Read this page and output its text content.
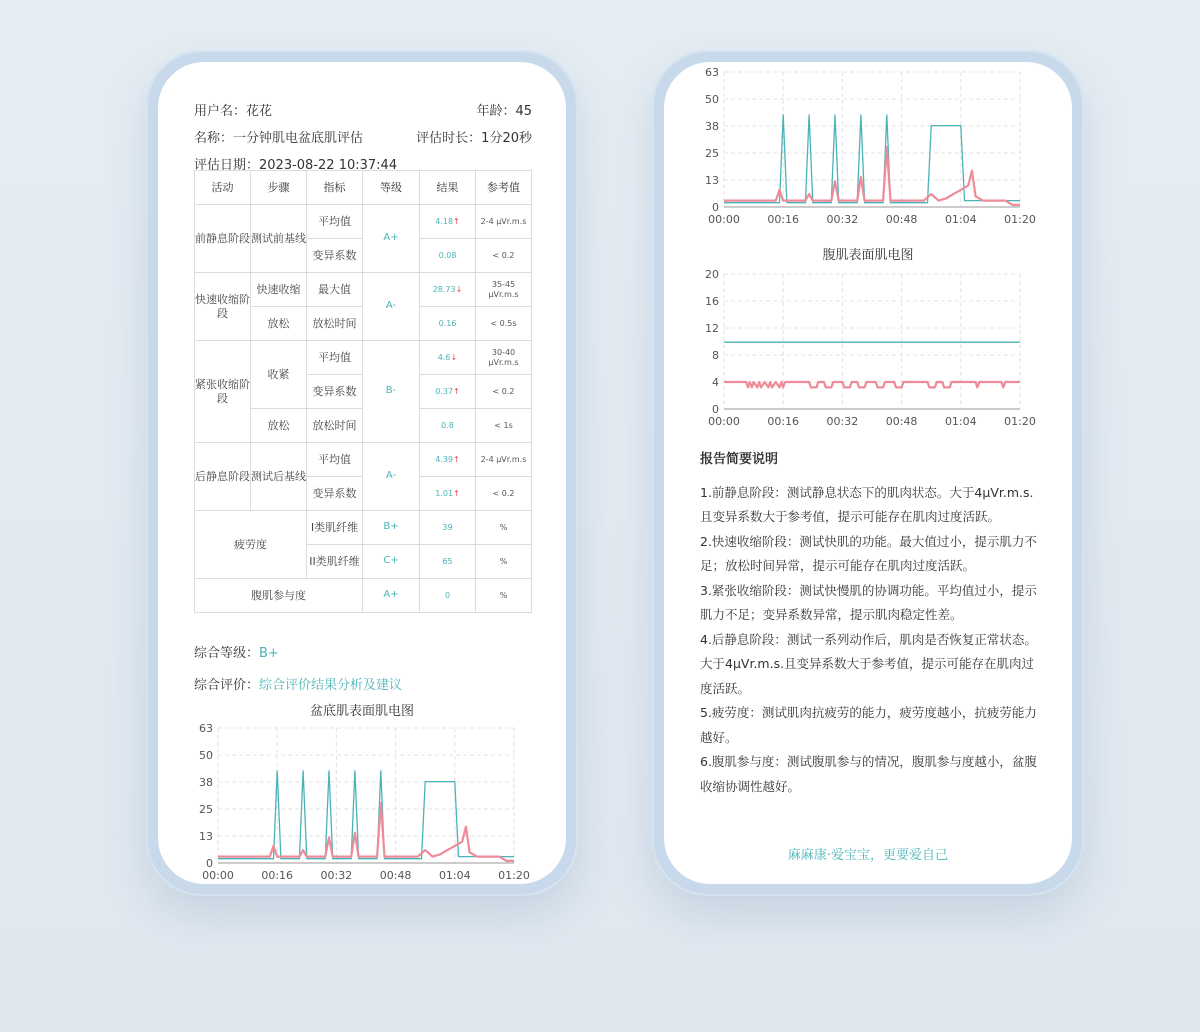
用户名：花花	年龄：45
名称：一分钟肌电盆底肌评估	评估时长：1分20秒
评估日期：2023-08-22 10:37:44
活动	步骤	指标	等级	结果	参考值
前静息阶段	测试前基线	平均值	A+	4.18↑	2-4 μVr.m.s
		变异系数		0.08	< 0.2
快速收缩阶段	快速收缩	最大值	A-	28.73↓	35-45 μVr.m.s
	放松	放松时间		0.16	< 0.5s
紧张收缩阶段	收紧	平均值	B-	4.6↓	30-40 μVr.m.s
		变异系数		0.37↑	< 0.2
	放松	放松时间		0.8	< 1s
后静息阶段	测试后基线	平均值	A-	4.39↑	2-4 μVr.m.s
		变异系数		1.01↑	< 0.2
疲劳度		I类肌纤维	B+	39	%
		II类肌纤维	C+	65	%
腹肌参与度			A+	0	%
综合等级：B+
综合评价：综合评价结果分析及建议
盆底肌表面肌电图
0
13
25
38
50
63
00:00 00:16 00:32 00:48 01:04 01:20
0
13
25
38
50
63
00:00 00:16 00:32 00:48 01:04 01:20
腹肌表面肌电图
0
4
8
12
16
20
00:00 00:16 00:32 00:48 01:04 01:20
报告简要说明
1.前静息阶段：测试静息状态下的肌肉状态。大于4μVr.m.s.且变异系数大于参考值，提示可能存在肌肉过度活跃。
2.快速收缩阶段：测试快肌的功能。最大值过小，提示肌力不足；放松时间异常，提示可能存在肌肉过度活跃。
3.紧张收缩阶段：测试快慢肌的协调功能。平均值过小，提示肌力不足；变异系数异常，提示肌肉稳定性差。
4.后静息阶段：测试一系列动作后，肌肉是否恢复正常状态。大于4μVr.m.s.且变异系数大于参考值，提示可能存在肌肉过度活跃。
5.疲劳度：测试肌肉抗疲劳的能力，疲劳度越小，抗疲劳能力越好。
6.腹肌参与度：测试腹肌参与的情况，腹肌参与度越小，盆腹收缩协调性越好。
麻麻康·爱宝宝，更要爱自己
